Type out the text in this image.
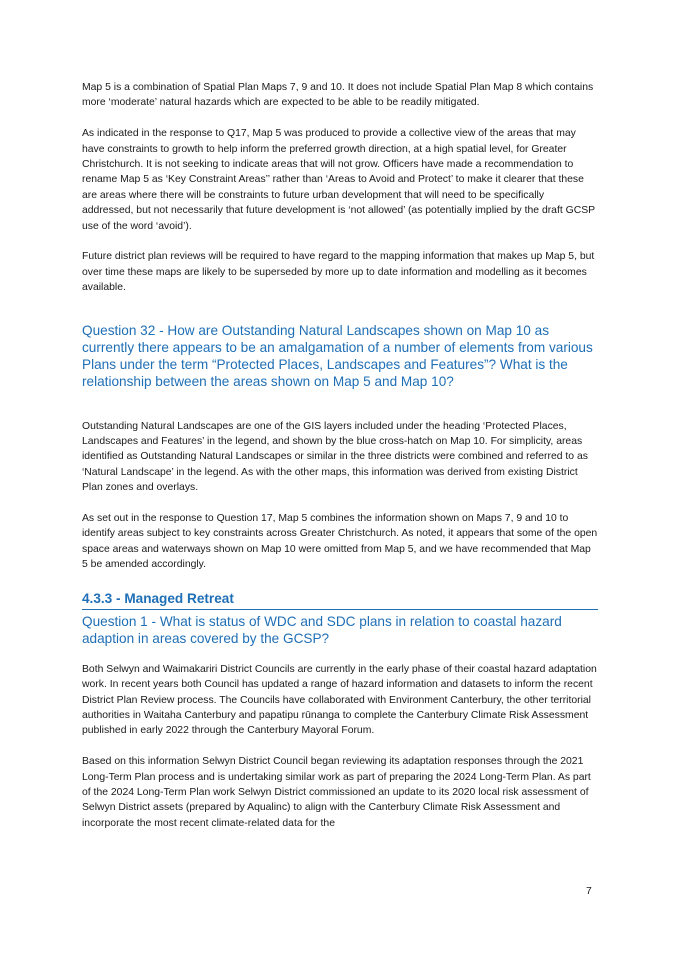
Map 5 is a combination of Spatial Plan Maps 7, 9 and 10. It does not include Spatial Plan Map 8 which contains more ‘moderate’ natural hazards which are expected to be able to be readily mitigated.

As indicated in the response to Q17, Map 5 was produced to provide a collective view of the areas that may have constraints to growth to help inform the preferred growth direction, at a high spatial level, for Greater Christchurch. It is not seeking to indicate areas that will not grow. Officers have made a recommendation to rename Map 5 as ‘Key Constraint Areas’’ rather than ‘Areas to Avoid and Protect’ to make it clearer that these are areas where there will be constraints to future urban development that will need to be specifically addressed, but not necessarily that future development is ‘not allowed’ (as potentially implied by the draft GCSP use of the word ‘avoid’).

Future district plan reviews will be required to have regard to the mapping information that makes up Map 5, but over time these maps are likely to be superseded by more up to date information and modelling as it becomes available.

Question 32 - How are Outstanding Natural Landscapes shown on Map 10 as currently there appears to be an amalgamation of a number of elements from various Plans under the term “Protected Places, Landscapes and Features”? What is the relationship between the areas shown on Map 5 and Map 10?

Outstanding Natural Landscapes are one of the GIS layers included under the heading ‘Protected Places, Landscapes and Features’ in the legend, and shown by the blue cross-hatch on Map 10. For simplicity, areas identified as Outstanding Natural Landscapes or similar in the three districts were combined and referred to as ‘Natural Landscape’ in the legend. As with the other maps, this information was derived from existing District Plan zones and overlays.

As set out in the response to Question 17, Map 5 combines the information shown on Maps 7, 9 and 10 to identify areas subject to key constraints across Greater Christchurch. As noted, it appears that some of the open space areas and waterways shown on Map 10 were omitted from Map 5, and we have recommended that Map 5 be amended accordingly.

4.3.3 - Managed Retreat
Question 1 - What is status of WDC and SDC plans in relation to coastal hazard adaption in areas covered by the GCSP?

Both Selwyn and Waimakariri District Councils are currently in the early phase of their coastal hazard adaptation work. In recent years both Council has updated a range of hazard information and datasets to inform the recent District Plan Review process. The Councils have collaborated with Environment Canterbury, the other territorial authorities in Waitaha Canterbury and papatipu rūnanga to complete the Canterbury Climate Risk Assessment published in early 2022 through the Canterbury Mayoral Forum.

Based on this information Selwyn District Council began reviewing its adaptation responses through the 2021 Long-Term Plan process and is undertaking similar work as part of preparing the 2024 Long-Term Plan. As part of the 2024 Long-Term Plan work Selwyn District commissioned an update to its 2020 local risk assessment of Selwyn District assets (prepared by Aqualinc) to align with the Canterbury Climate Risk Assessment and incorporate the most recent climate-related data for the

7
